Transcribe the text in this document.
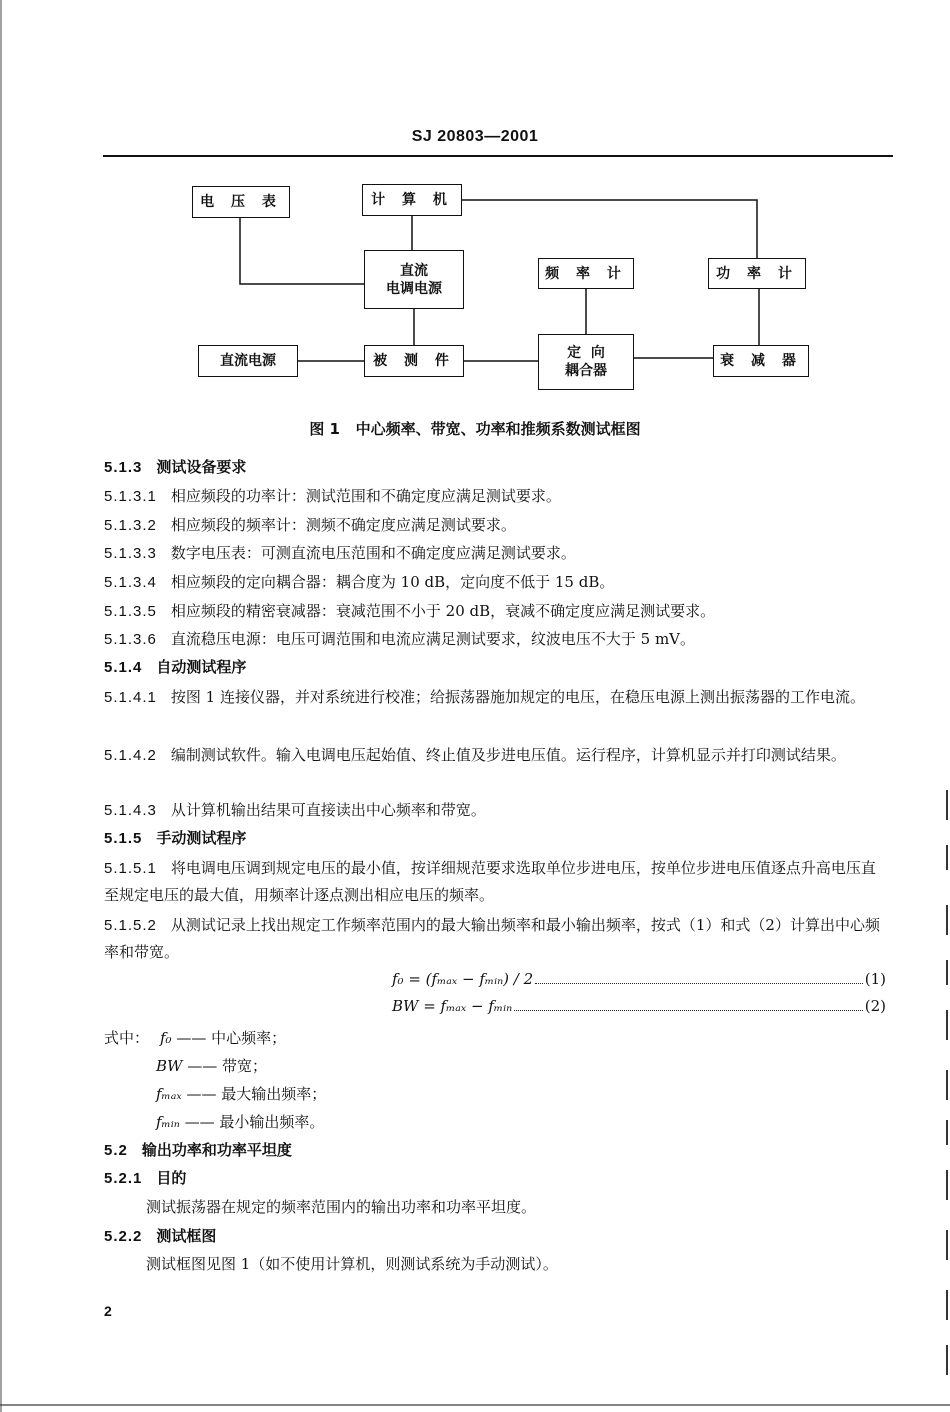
SJ 20803—2001
电 压 表	计 算 机
直流
电调电源
频 率 计	功 率 计
直流电源	被 测 件	定  向
耦合器
衰 减 器
图 1   中心频率、带宽、功率和推频系数测试框图
5.1.3 测试设备要求
5.1.3.1 相应频段的功率计：测试范围和不确定度应满足测试要求。
5.1.3.2 相应频段的频率计：测频不确定度应满足测试要求。
5.1.3.3 数字电压表：可测直流电压范围和不确定度应满足测试要求。
5.1.3.4 相应频段的定向耦合器：耦合度为 10 dB，定向度不低于 15 dB。
5.1.3.5 相应频段的精密衰减器：衰减范围不小于 20 dB，衰减不确定度应满足测试要求。
5.1.3.6 直流稳压电源：电压可调范围和电流应满足测试要求，纹波电压不大于 5 mV。
5.1.4 自动测试程序
5.1.4.1 按图 1 连接仪器，并对系统进行校准；给振荡器施加规定的电压，在稳压电源上测出振荡器的工作电流。
5.1.4.2 编制测试软件。输入电调电压起始值、终止值及步进电压值。运行程序，计算机显示并打印测试结果。
5.1.4.3 从计算机输出结果可直接读出中心频率和带宽。
5.1.5 手动测试程序
5.1.5.1 将电调电压调到规定电压的最小值，按详细规范要求选取单位步进电压，按单位步进电压值逐点升高电压直至规定电压的最大值，用频率计逐点测出相应电压的频率。
5.1.5.2 从测试记录上找出规定工作频率范围内的最大输出频率和最小输出频率，按式（1）和式（2）计算出中心频率和带宽。
f₀ = (fₘₐₓ − fₘᵢₙ) / 2	(1)
BW = fₘₐₓ − fₘᵢₙ	(2)
式中： f₀ —— 中心频率；
BW —— 带宽；
fₘₐₓ —— 最大输出频率；
fₘᵢₙ —— 最小输出频率。
5.2 输出功率和功率平坦度
5.2.1 目的
测试振荡器在规定的频率范围内的输出功率和功率平坦度。
5.2.2 测试框图
测试框图见图 1（如不使用计算机，则测试系统为手动测试）。
2
